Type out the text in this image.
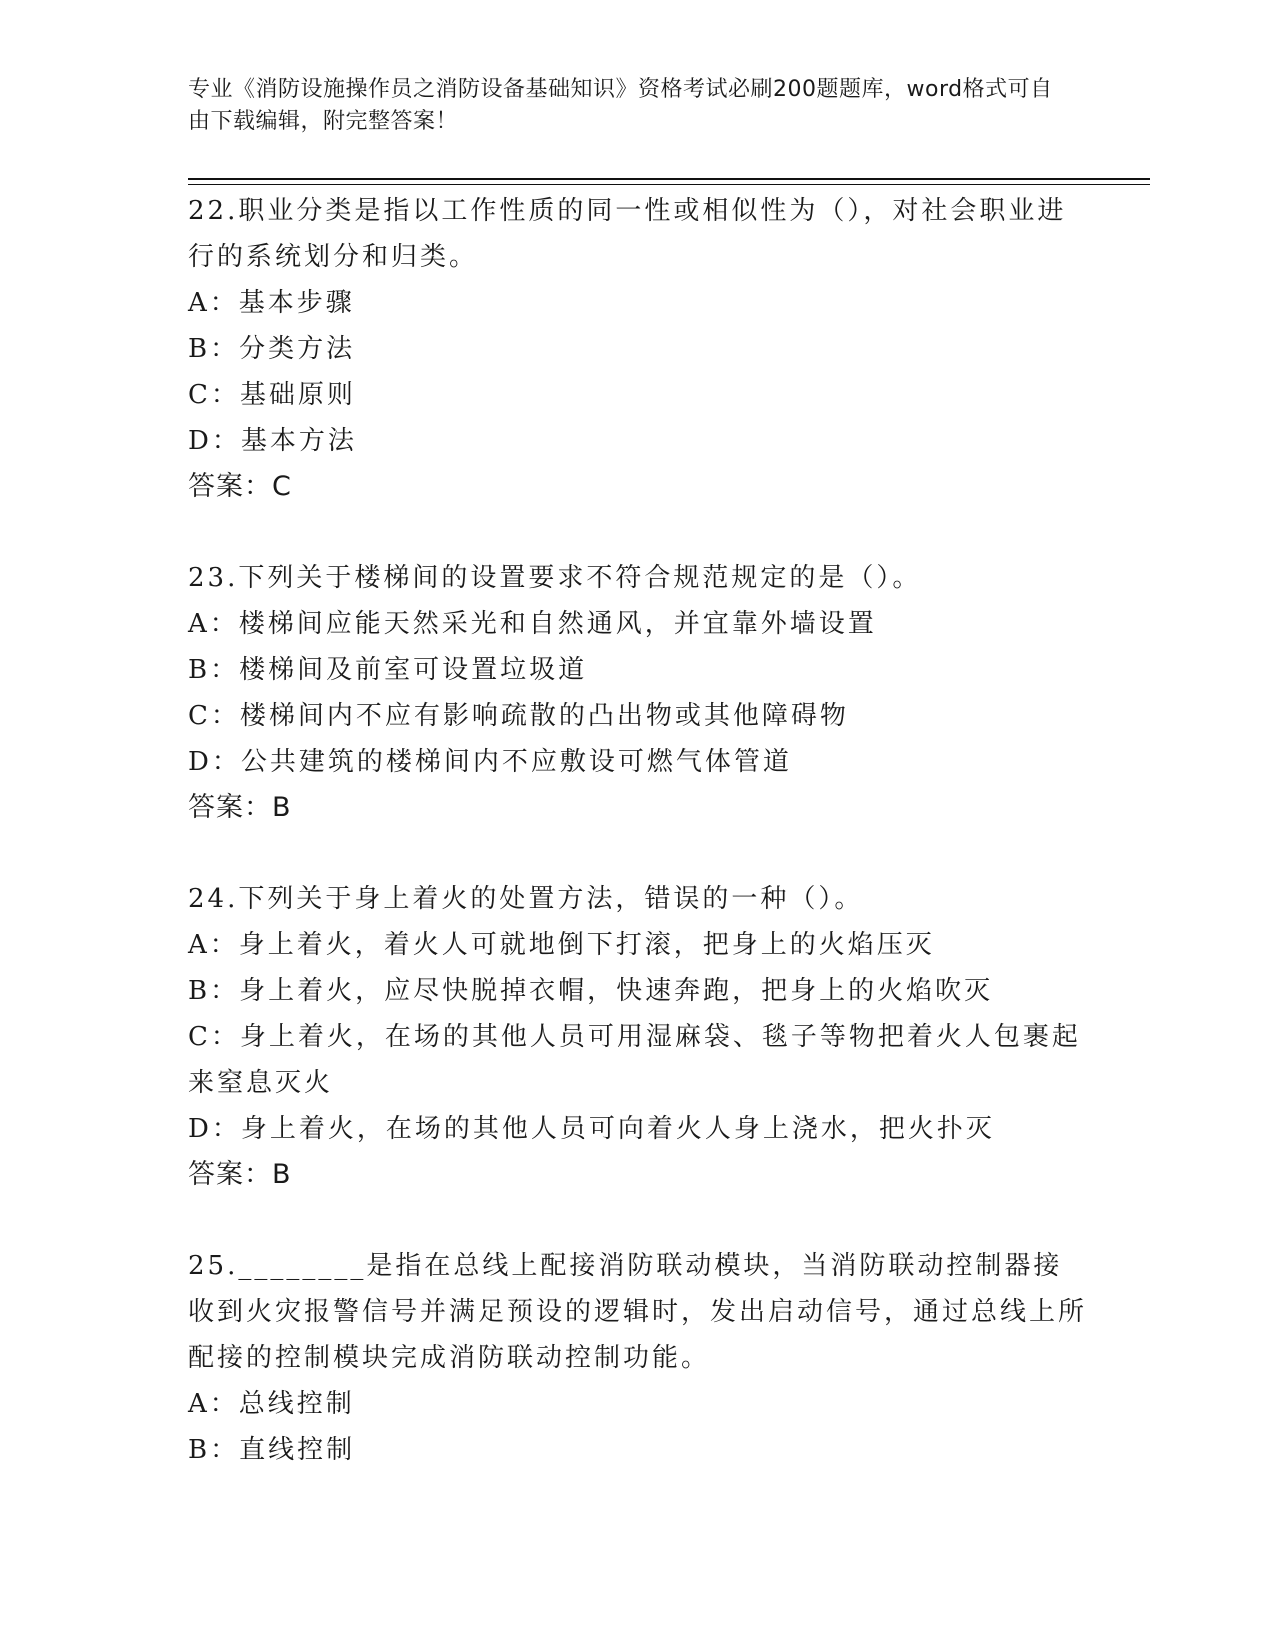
专业《消防设施操作员之消防设备基础知识》资格考试必刷200题题库，word格式可自由下载编辑，附完整答案！

22.职业分类是指以工作性质的同一性或相似性为（），对社会职业进行的系统划分和归类。

A：基本步骤

B：分类方法

C：基础原则

D：基本方法

答案：C

23.下列关于楼梯间的设置要求不符合规范规定的是（）。

A：楼梯间应能天然采光和自然通风，并宜靠外墙设置

B：楼梯间及前室可设置垃圾道

C：楼梯间内不应有影响疏散的凸出物或其他障碍物

D：公共建筑的楼梯间内不应敷设可燃气体管道

答案：B

24.下列关于身上着火的处置方法，错误的一种（）。

A：身上着火，着火人可就地倒下打滚，把身上的火焰压灭

B：身上着火，应尽快脱掉衣帽，快速奔跑，把身上的火焰吹灭

C：身上着火，在场的其他人员可用湿麻袋、毯子等物把着火人包裹起来窒息灭火

D：身上着火，在场的其他人员可向着火人身上浇水，把火扑灭

答案：B

25.________是指在总线上配接消防联动模块，当消防联动控制器接收到火灾报警信号并满足预设的逻辑时，发出启动信号，通过总线上所配接的控制模块完成消防联动控制功能。

A：总线控制

B：直线控制
